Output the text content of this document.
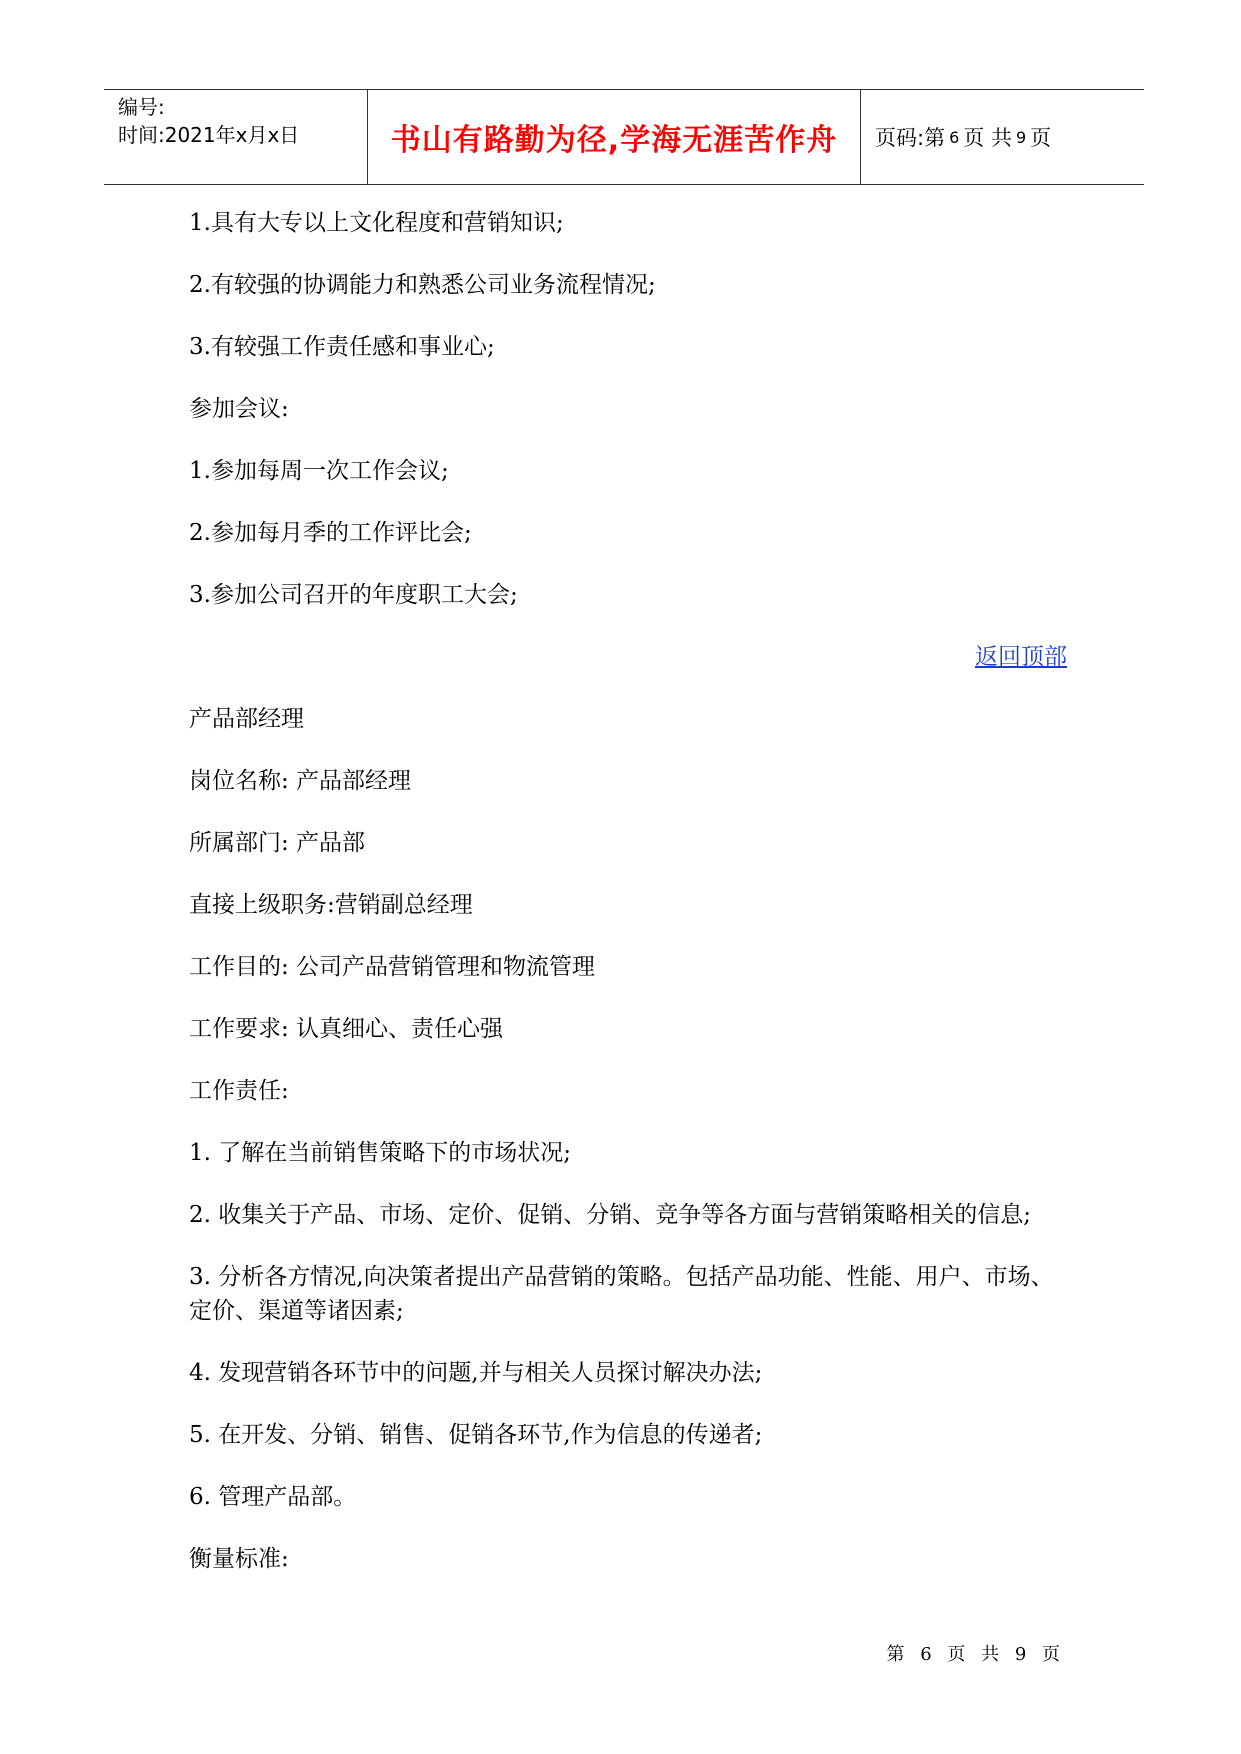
编号:
时间:2021年x月x日	书山有路勤为径,学海无涯苦作舟	页码:第 6 页 共 9 页

1.具有大专以上文化程度和营销知识;

2.有较强的协调能力和熟悉公司业务流程情况;

3.有较强工作责任感和事业心;

参加会议:

1.参加每周一次工作会议;

2.参加每月季的工作评比会;

3.参加公司召开的年度职工大会;

返回顶部

产品部经理

岗位名称: 产品部经理

所属部门: 产品部

直接上级职务:营销副总经理

工作目的: 公司产品营销管理和物流管理

工作要求: 认真细心、责任心强

工作责任:

1. 了解在当前销售策略下的市场状况;

2. 收集关于产品、市场、定价、促销、分销、竞争等各方面与营销策略相关的信息;

3. 分析各方情况,向决策者提出产品营销的策略。包括产品功能、性能、用户、市场、定价、渠道等诸因素;

4. 发现营销各环节中的问题,并与相关人员探讨解决办法;

5. 在开发、分销、销售、促销各环节,作为信息的传递者;

6. 管理产品部。

衡量标准:

第 6 页 共 9 页
